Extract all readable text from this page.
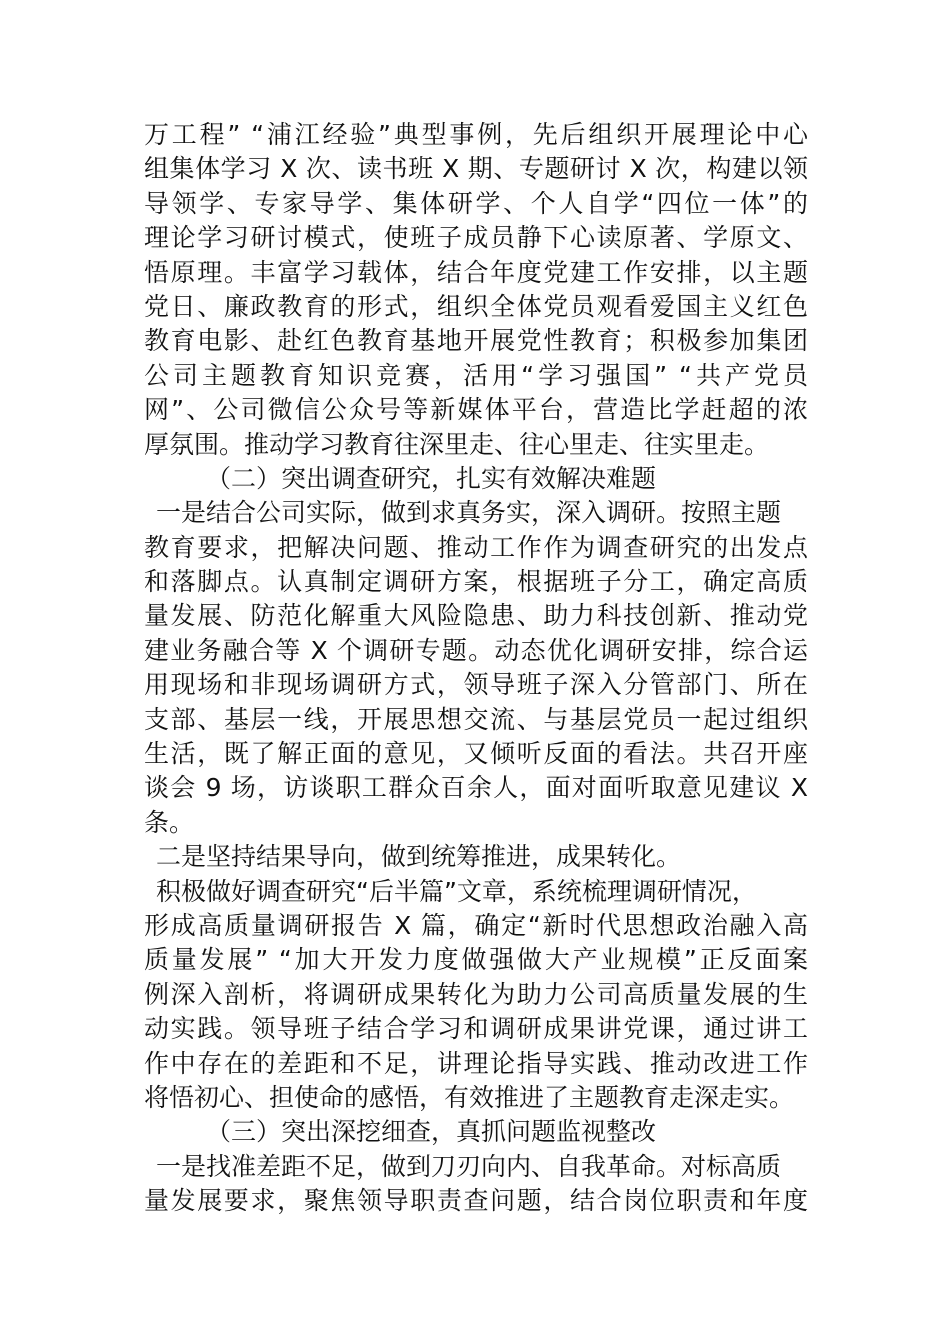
万工程” “浦江经验”典型事例，先后组织开展理论中心
组集体学习 X 次、读书班 X 期、专题研讨 X 次，构建以领
导领学、专家导学、集体研学、个人自学“四位一体”的
理论学习研讨模式，使班子成员静下心读原著、学原文、
悟原理。丰富学习载体，结合年度党建工作安排，以主题
党日、廉政教育的形式，组织全体党员观看爱国主义红色
教育电影、赴红色教育基地开展党性教育；积极参加集团
公司主题教育知识竞赛，活用“学习强国” “共产党员
网”、公司微信公众号等新媒体平台，营造比学赶超的浓
厚氛围。推动学习教育往深里走、往心里走、往实里走。
（二）突出调查研究，扎实有效解决难题
一是结合公司实际，做到求真务实，深入调研。按照主题
教育要求，把解决问题、推动工作作为调查研究的出发点
和落脚点。认真制定调研方案，根据班子分工，确定高质
量发展、防范化解重大风险隐患、助力科技创新、推动党
建业务融合等 X 个调研专题。动态优化调研安排，综合运
用现场和非现场调研方式，领导班子深入分管部门、所在
支部、基层一线，开展思想交流、与基层党员一起过组织
生活，既了解正面的意见，又倾听反面的看法。共召开座
谈会 9 场，访谈职工群众百余人，面对面听取意见建议 X
条。
二是坚持结果导向，做到统筹推进，成果转化。
积极做好调查研究“后半篇”文章，系统梳理调研情况，
形成高质量调研报告 X 篇，确定“新时代思想政治融入高
质量发展” “加大开发力度做强做大产业规模”正反面案
例深入剖析，将调研成果转化为助力公司高质量发展的生
动实践。领导班子结合学习和调研成果讲党课，通过讲工
作中存在的差距和不足，讲理论指导实践、推动改进工作
将悟初心、担使命的感悟，有效推进了主题教育走深走实。
（三）突出深挖细查，真抓问题监视整改
一是找准差距不足，做到刀刃向内、自我革命。对标高质
量发展要求，聚焦领导职责查问题，结合岗位职责和年度
